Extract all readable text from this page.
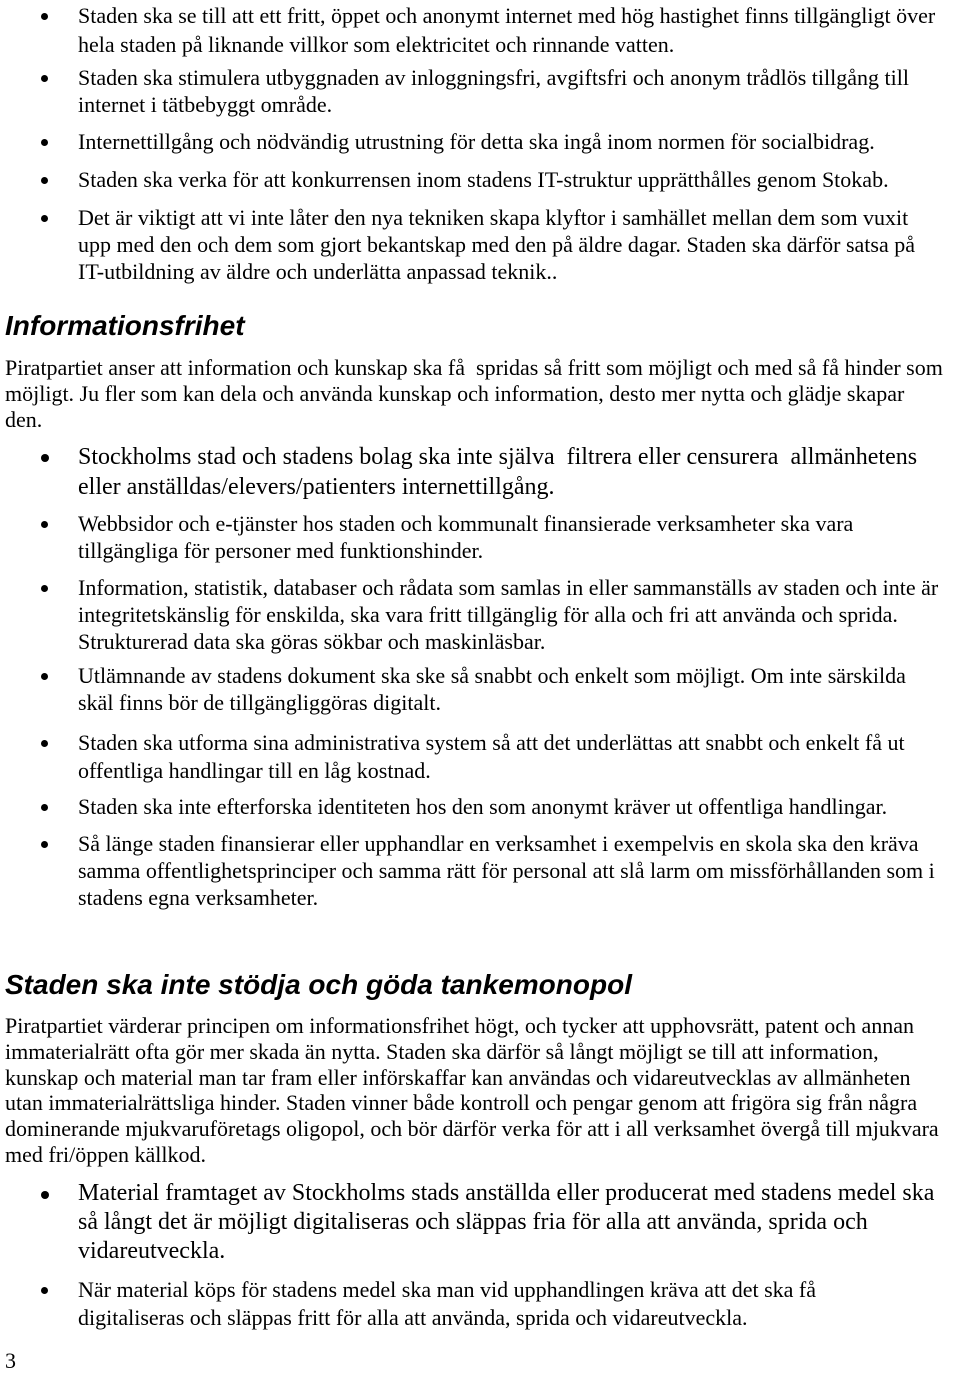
Staden ska se till att ett fritt, öppet och anonymt internet med hög hastighet finns tillgängligt över
hela staden på liknande villkor som elektricitet och rinnande vatten.
Staden ska stimulera utbyggnaden av inloggningsfri, avgiftsfri och anonym trådlös tillgång till
internet i tätbebyggt område.
Internettillgång och nödvändig utrustning för detta ska ingå inom normen för socialbidrag.
Staden ska verka för att konkurrensen inom stadens IT-struktur upprätthålles genom Stokab.
Det är viktigt att vi inte låter den nya tekniken skapa klyftor i samhället mellan dem som vuxit
upp med den och dem som gjort bekantskap med den på äldre dagar. Staden ska därför satsa på
IT-utbildning av äldre och underlätta anpassad teknik..
Informationsfrihet
Piratpartiet anser att information och kunskap ska få  spridas så fritt som möjligt och med så få hinder som
möjligt. Ju fler som kan dela och använda kunskap och information, desto mer nytta och glädje skapar
den.
Stockholms stad och stadens bolag ska inte själva  filtrera eller censurera  allmänhetens
eller anställdas/elevers/patienters internettillgång.
Webbsidor och e-tjänster hos staden och kommunalt finansierade verksamheter ska vara
tillgängliga för personer med funktionshinder.
Information, statistik, databaser och rådata som samlas in eller sammanställs av staden och inte är
integritetskänslig för enskilda, ska vara fritt tillgänglig för alla och fri att använda och sprida.
Strukturerad data ska göras sökbar och maskinläsbar.
Utlämnande av stadens dokument ska ske så snabbt och enkelt som möjligt. Om inte särskilda
skäl finns bör de tillgängliggöras digitalt.
Staden ska utforma sina administrativa system så att det underlättas att snabbt och enkelt få ut
offentliga handlingar till en låg kostnad.
Staden ska inte efterforska identiteten hos den som anonymt kräver ut offentliga handlingar.
Så länge staden finansierar eller upphandlar en verksamhet i exempelvis en skola ska den kräva
samma offentlighetsprinciper och samma rätt för personal att slå larm om missförhållanden som i
stadens egna verksamheter.
Staden ska inte stödja och göda tankemonopol
Piratpartiet värderar principen om informationsfrihet högt, och tycker att upphovsrätt, patent och annan
immaterialrätt ofta gör mer skada än nytta. Staden ska därför så långt möjligt se till att information,
kunskap och material man tar fram eller införskaffar kan användas och vidareutvecklas av allmänheten
utan immaterialrättsliga hinder. Staden vinner både kontroll och pengar genom att frigöra sig från några
dominerande mjukvaruföretags oligopol, och bör därför verka för att i all verksamhet övergå till mjukvara
med fri/öppen källkod.
Material framtaget av Stockholms stads anställda eller producerat med stadens medel ska
så långt det är möjligt digitaliseras och släppas fria för alla att använda, sprida och
vidareutveckla.
När material köps för stadens medel ska man vid upphandlingen kräva att det ska få
digitaliseras och släppas fritt för alla att använda, sprida och vidareutveckla.
3
